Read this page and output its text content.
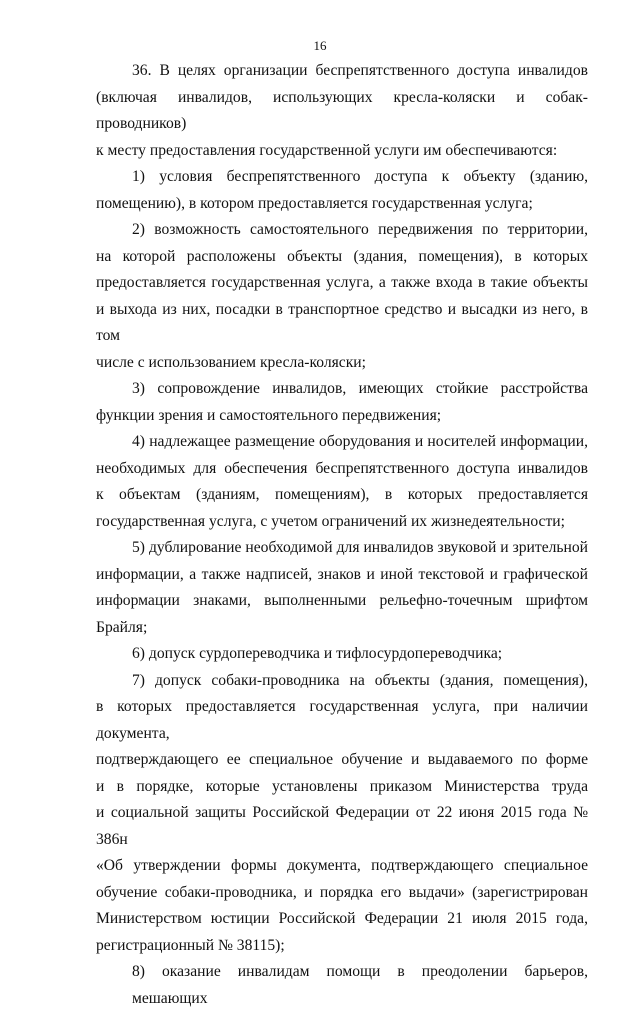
16
36. В целях организации беспрепятственного доступа инвалидов
(включая инвалидов, использующих кресла-коляски и собак-проводников)
к месту предоставления государственной услуги им обеспечиваются:
1) условия беспрепятственного доступа к объекту (зданию,
помещению), в котором предоставляется государственная услуга;
2) возможность самостоятельного передвижения по территории,
на которой расположены объекты (здания, помещения), в которых
предоставляется государственная услуга, а также входа в такие объекты
и выхода из них, посадки в транспортное средство и высадки из него, в том
числе с использованием кресла-коляски;
3) сопровождение инвалидов, имеющих стойкие расстройства
функции зрения и самостоятельного передвижения;
4) надлежащее размещение оборудования и носителей информации,
необходимых для обеспечения беспрепятственного доступа инвалидов
к объектам (зданиям, помещениям), в которых предоставляется
государственная услуга, с учетом ограничений их жизнедеятельности;
5) дублирование необходимой для инвалидов звуковой и зрительной
информации, а также надписей, знаков и иной текстовой и графической
информации знаками, выполненными рельефно-точечным шрифтом Брайля;
6) допуск сурдопереводчика и тифлосурдопереводчика;
7) допуск собаки-проводника на объекты (здания, помещения),
в которых предоставляется государственная услуга, при наличии документа,
подтверждающего ее специальное обучение и выдаваемого по форме
и в порядке, которые установлены приказом Министерства труда
и социальной защиты Российской Федерации от 22 июня 2015 года № 386н
«Об утверждении формы документа, подтверждающего специальное
обучение собаки-проводника, и порядка его выдачи» (зарегистрирован
Министерством юстиции Российской Федерации 21 июля 2015 года,
регистрационный № 38115);
8) оказание инвалидам помощи в преодолении барьеров, мешающих
